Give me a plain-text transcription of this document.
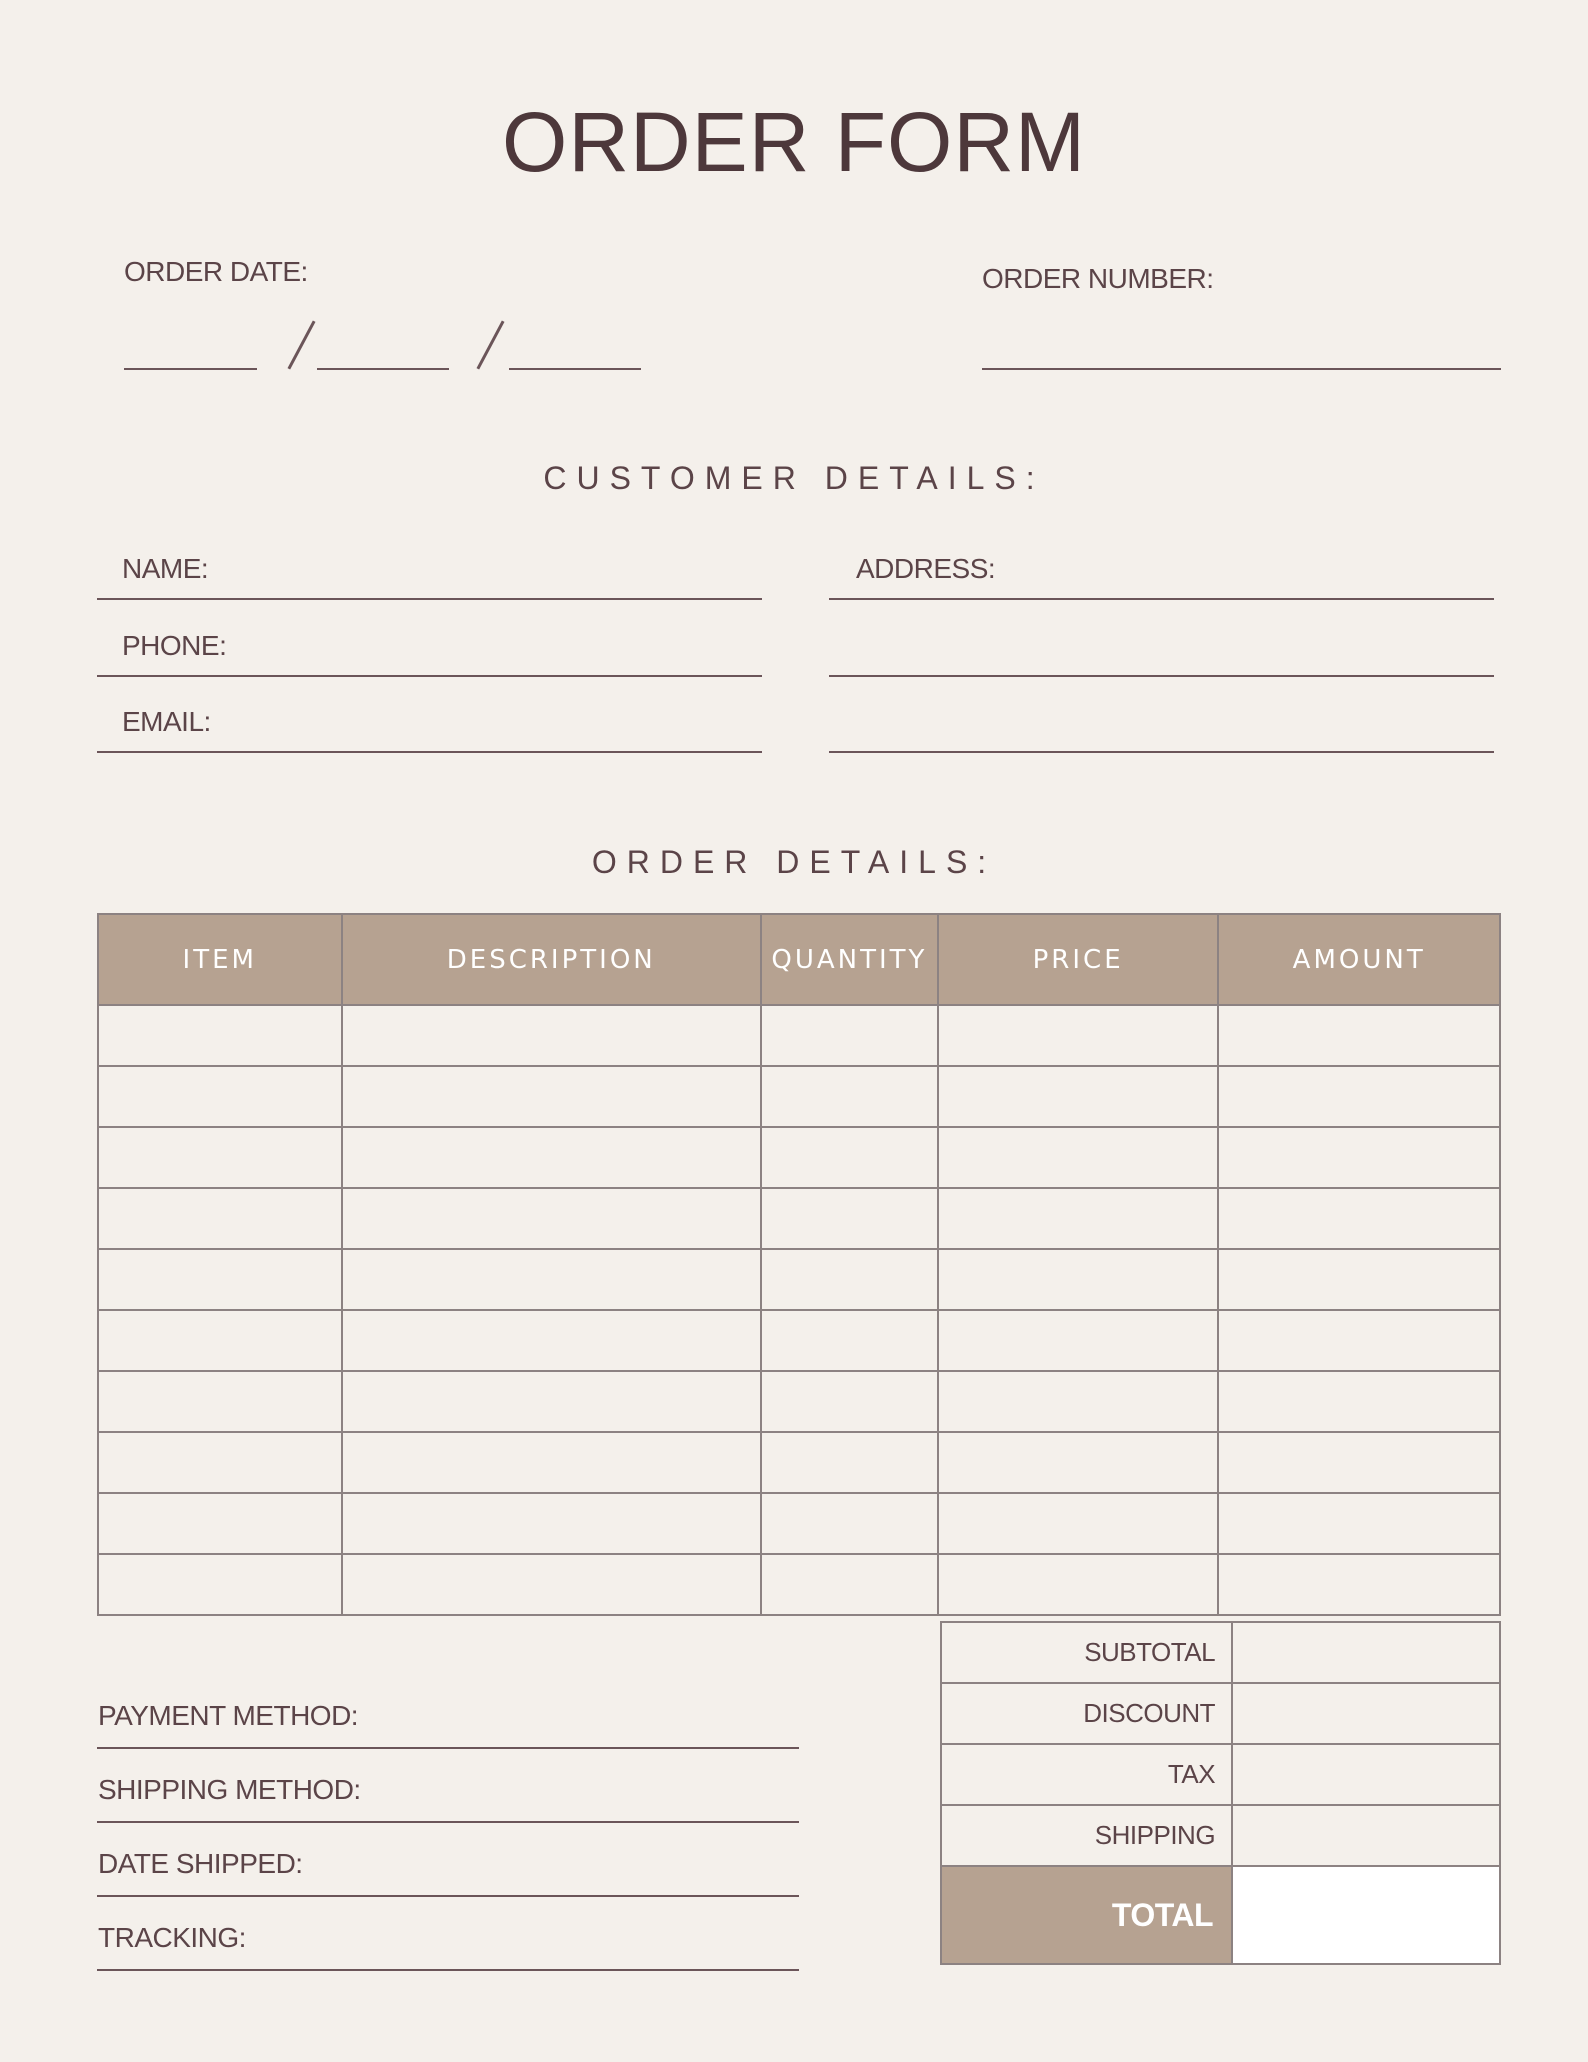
ORDER FORM
ORDER DATE:	ORDER NUMBER:
CUSTOMER DETAILS:
NAME:
PHONE:
EMAIL:
ADDRESS:
ORDER DETAILS:
ITEM	DESCRIPTION	QUANTITY	PRICE	AMOUNT

SUBTOTAL	
DISCOUNT	
TAX	
SHIPPING	
TOTAL	
PAYMENT METHOD:
SHIPPING METHOD:
DATE SHIPPED:
TRACKING:
